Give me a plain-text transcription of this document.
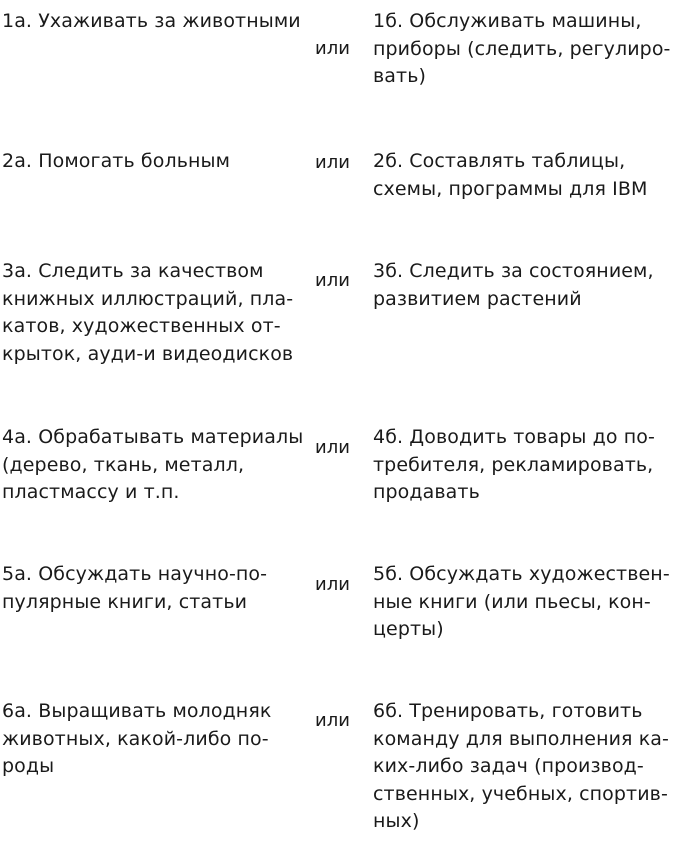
1а. Ухаживать за животными
или
1б. Обслуживать машины,
приборы (следить, регулиро-
вать)
2а. Помогать больным	или 2б. Составлять таблицы,
схемы, программы для IBM
3а. Следить за качеством
книжных иллюстраций, пла-
катов, художественных от-
крыток, ауди-и видеодисков
или 3б. Следить за состоянием,
развитием растений
4а. Обрабатывать материалы
(дерево, ткань, металл,
пластмассу и т.п.
или 4б. Доводить товары до по-
требителя, рекламировать,
продавать
5а. Обсуждать научно-по-
пулярные книги, статьи
или 5б. Обсуждать художествен-
ные книги (или пьесы, кон-
церты)
6а. Выращивать молодняк
животных, какой-либо по-
роды
или 6б. Тренировать, готовить
команду для выполнения ка-
ких-либо задач (производ-
ственных, учебных, спортив-
ных)
